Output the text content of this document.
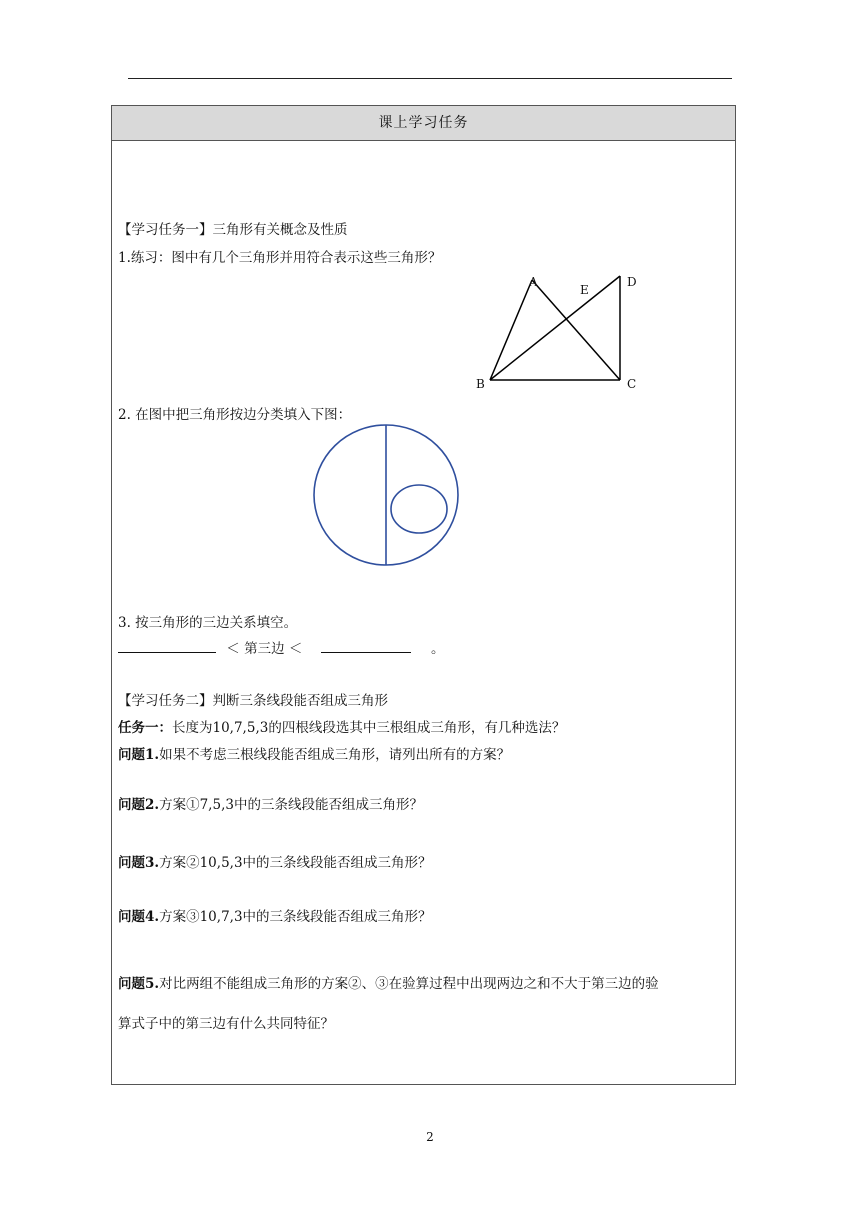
课上学习任务
【学习任务一】三角形有关概念及性质
1.练习：图中有几个三角形并用符合表示这些三角形？
A
E
D
B	C
2. 在图中把三角形按边分类填入下图：
3. 按三角形的三边关系填空。
＜ 第三边 ＜	。
【学习任务二】判断三条线段能否组成三角形
任务一：长度为10,7,5,3的四根线段选其中三根组成三角形，有几种选法？
问题1.如果不考虑三根线段能否组成三角形，请列出所有的方案？
问题2.方案①7,5,3中的三条线段能否组成三角形？
问题3.方案②10,5,3中的三条线段能否组成三角形？
问题4.方案③10,7,3中的三条线段能否组成三角形？
问题5.对比两组不能组成三角形的方案②、③在验算过程中出现两边之和不大于第三边的验
算式子中的第三边有什么共同特征？
2
